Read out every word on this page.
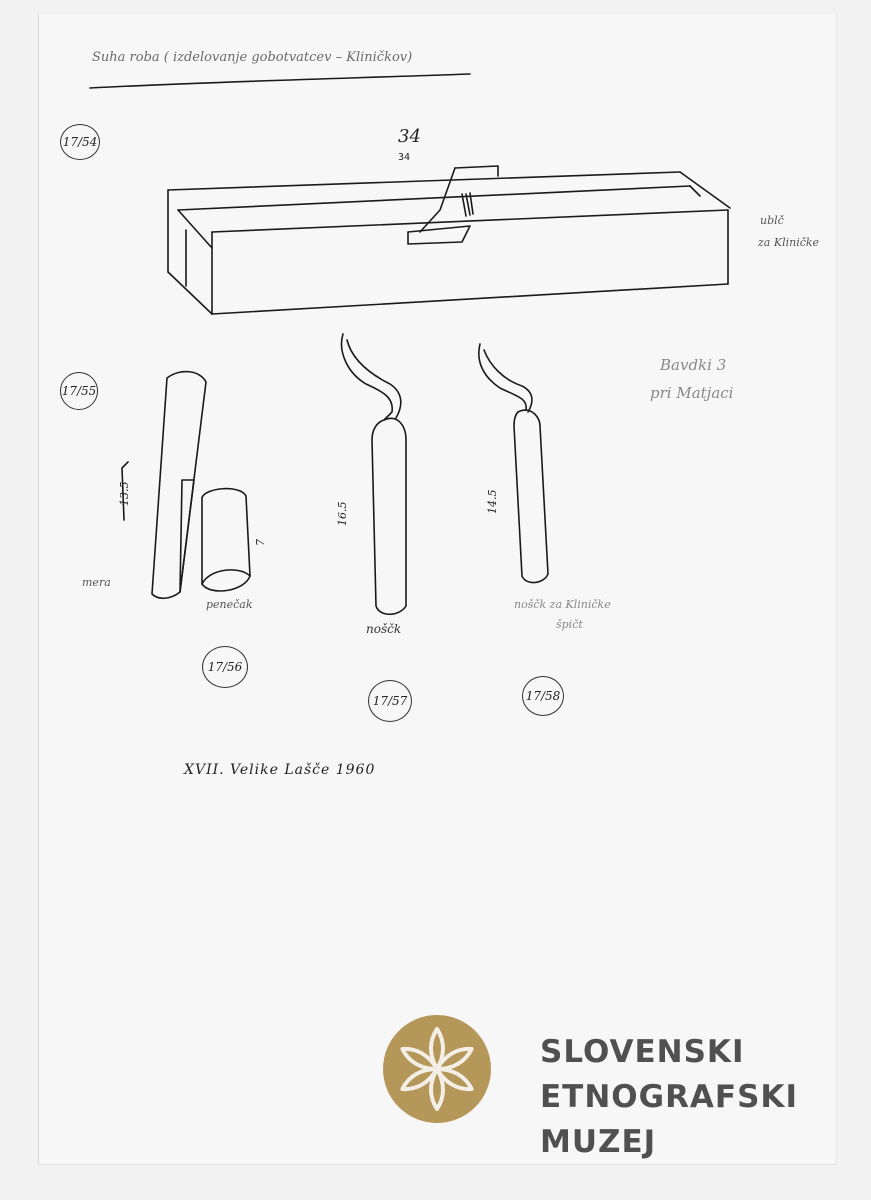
Suha roba ( izdelovanje gobotvatcev – Kliničkov)
17/54
17/55
17/56
17/57	17/58
34
34
ublč
za Kliničke
Bavdki 3
pri Matjaci
13.5
mera
7
penečak
16.5
noščk
14.5
noščk za Kliničke
špičt
XVII. Velike Lašče 1960
SLOVENSKI
ETNOGRAFSKI
MUZEJ
